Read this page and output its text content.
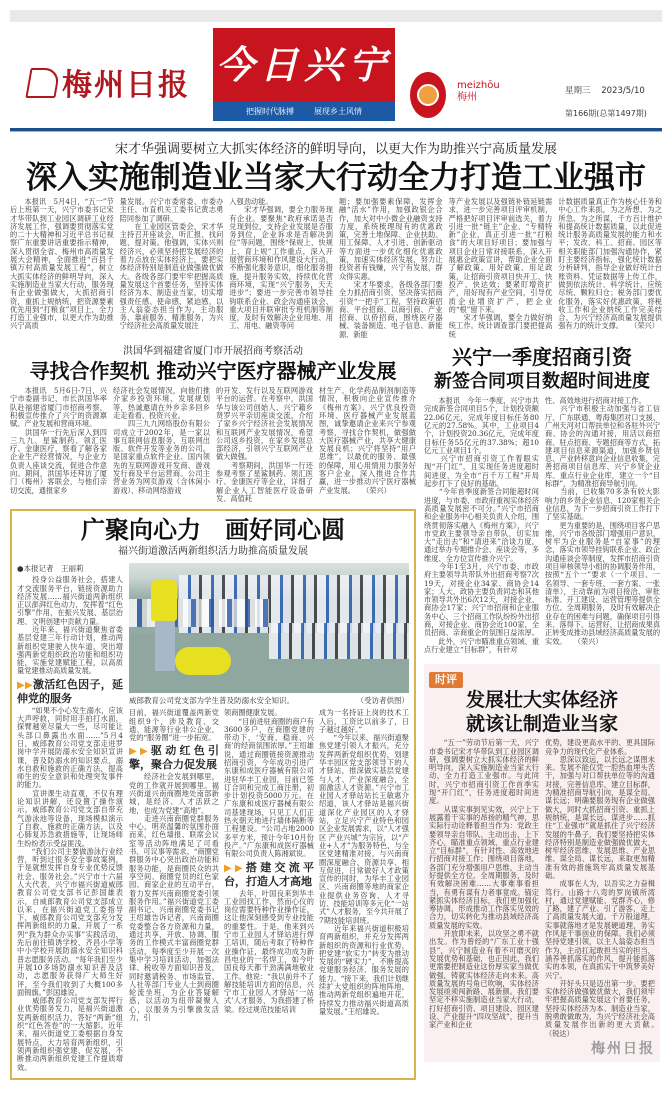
梅州日报 今日兴宁
把握时代脉搏	展现乡土风情
meizhōu
梅州
星期三 2023/5/10
第166期(总第1497期)
宋才华强调要树立大抓实体经济的鲜明导向，以更大作为助推兴宁高质量发展
深入实施制造业当家大行动全力打造工业强市
　　本报讯　5月4日，“五一”节后上班第一天，兴宁市委书记宋才华带队到工业园区调研工业经济发展工作，强调要贯彻落实党的二十大精神和习近平总书记视察广东重要讲话重要指示精神，深入贯彻全省、梅州市高质量发展大会精神，全面推进“百县千镇万村高质量发展工程”，树立大抓实体经济的鲜明导向，深入实施制造业当家大行动，服务现有企业做强做大，大抓招商引资，重抓上规纳统，把资源要素优先用到“打粮食”项目上，全力打造工业强市，以更大作为助推兴宁高质
量发展。兴宁市委常委、市委办主任、市直机关工委书记黄志勇陪同参加了调研。
　　在工业园区管委会，宋才华主持召开座谈会，听汇报、找问题、提对策。他强调，实体兴则经济兴，必须坚持把发展经济的着力点放在实体经济上，要把实体经济特别是制造业做强做优做大。各级各部门要牢牢把握高质量发展这个首要任务，坚持实体经济为本、制造业当家，切实增强责任感、使命感、紧迫感，以主人翁姿态担当作为，主动服务、靠前服务、精准服务，为兴宁经济社会高质量发展注
入强劲动能。
　　宋才华强调，要全力服务现有企业。要聚焦“政府承诺是否兑现到位，支持企业发展是否服务到位，企业诉求是否解决到位”等问题，围绕“保规上、快规上、育上规”工作重点，深入开展营商环境和作风建设大行动，不断强化服务意识，细化服务措施，提升服务实效，持续优化营商环境，实现“兴宁服务，天天进步”；要进一步完善市领导挂钩联系企业、政企沟通座谈会、重大项目并联审批专班机制等制度，及时有效解决企业用地、用工、用电、融资等问
题；要加强要素保障，发挥金融“活水”作用，加强政银企合作，加大对中小微企业融资支持力度，系统梳理现有的优惠政策，完善土地保障、企业扶助、用工保障、人才引进、创新驱动等方面进一步优化细化优惠政策，加速实体经济发展，努力让投资者有钱赚，兴宁有发展，群众得实惠。
　　宋才华要求，各级各部门要全力抓招商引资，坚决落实招商引资“一把手”工程，坚持政策招商、平台招商、以商引商、产业招商、以侨招商，围绕医疗器械、装备制造、电子信息、新能源、新能
等产业发展以及强链补链延链需求，进一步完善项目评审机制，严格把好项目评审前选关，着力引进一批“链主”企业、“专精特新”企业，真正引进一批“打粮食”的大项目好项目；要加强与项目企业日常对接联系，深入开展惠企政策宣讲，帮助企业全面了解政策、用好政策、用足政策，让招商引资项目快开工、快投产、快达效；要紧盯增资扩产，用好现有产业空间，引导优质企业增资扩产，把企业的“根”留下来。
　　宋才华强调，要全力做好纳统工作。统计调查部门要把提高统
计数据质量真正作为核心任务和中心工作来抓，为之所想、为之所急、为之所谋，千方百计维护和提高统计数据质量，以此促进统计服务高质量发展的能力和水平；发改、科工、招商、园区等相关职能部门加强沟通协作，紧盯主要经济指标，强化统计数据分析研判，指导企业做好统计台账资料、凭证数据等上传工作，做到依法统计、科学统计、应统尽统、颗粒归仓；税务部门要优化服务，落实好优惠政策，将税收工作和企业纳统工作完美结合，为兴宁经济高质量发展提供强有力的统计支撑。　　（荣兴）
洪国华到福建省厦门市开展招商考察活动
寻找合作契机 推动兴宁医疗器械产业发展
　　本报讯　5月6日-7日，兴宁市委副书记、市长洪国华率队赴福建省厦门市招商考察，积极宣传推介了兴宁的资源禀赋、产业发展和营商环境。
　　洪国华一行先后深入到四三九九、星鲨制药、领汇医疗、金康医疗，察看了解各家企业生产经营情况，与企业方负责人座谈交流，促进合作意向。期间，洪国华还拜访了厦门（梅州）客联会，与他们亲切交流，通报家乡
经济社会发展情况，向他们推介家乡投资环境、发展规划等，热诚邀请在外乡亲多回乡走走看看、投资兴业。
　　四三九九网络股份有限公司成立于2002年，是一家以事互联网信息服务、互联网出版、软件开发等业务的公司，是国家重点软件企业、国内领先的互联网游戏开发商、游戏发行商及平台运营商。公司主营业务为网页游戏（含休闲小游戏）、移动网络游戏
的开发、发行以及互联网游戏平台的运营。在考察中，洪国华与该公司创始人、兴宁籍乡贤罗兴平亲切座谈交流，介绍了家乡兴宁经济社会发展情况和互联网产业发展情况，希望公司返乡投资，在家乡发展总部经济，引领兴宁互联网产业做大做强。
　　考察期间，洪国华一行还参观考察了星鲨制药、领汇医疗、金康医疗等企业，详细了解企业人工智能医疗设备研发、高值耗
材生产、化学药品制剂制造等情况，积极向企业宣传推介《梅州方案》、兴宁优良投资环境、医疗器械产业发展蓝图，诚挚邀请企业来兴宁参观考察，寻找合作契机，做强做大医疗器械产业，共享大健康发展良机；兴宁将坚持“用户思维”，以最优的服务、最强的保障，用心用情用力服务好客户企业，深入推进合作共赢，进一步推动兴宁医疗器械产业发展。　　（荣兴）
广聚向心力　画好同心圆
福兴街道激活两新组织活力助推高质量发展
●本报记者　王丽莉
　　投身公益服务社会，搭建人才交流服务平台，链接资源助力经济发展……福兴街道两新组织正以澎湃红色动力，发挥着“红色引擎”作用，在振兴发展、基层治理、文明创建中贡献力量。
　　近年来，福兴街道聚焦省委基层党建三年行动计划，推动两新组织党建驶入快车道，突出增强两新党组织政治功能和组织功能，实施党建赋能工程，以高质量党建推动高质量发展。
▶▶激活红色因子，延伸党的服务
　　“如果不小心发生溺水，应该大声呼救，同时用手拍打水面，探臂越宽尽量大一些，尽可能让头部口鼻露出水面……”5月4日，威郎教育公司党支部走进罗岗中学开展防溺水安全知识宣讲课，普及防溺水的知识要点、溺水自救和施救的正确方法，提高师生的安全意识和处理突发事件的能力。
　　宣讲课生动直观，不仅有理论知识讲解，还设置了操作演示。威郎教育公司党支部自带充气游泳池等设备，现场模拟演示了自救、施救的正确方法，以及心肺复苏急救措施等，让现场师生纷纷表示受益匪浅。
　　“我们公司主要做游泳行业经营，听到过很多安全事故案例，于是就想发挥自身专业优势反馈社会、服务社会。”兴宁市十六届人大代表、兴宁市福兴街道威郎教育公司党支部书记彭国雄表示，自威郎教育公司党支部成立以来，在福兴街道党工委指导下，威郎教育公司党支部充分发挥两新组织的力量，开展了一系列“我为群众办实事”实践活动，先后前往镇诱学校、齐昌小学等中小学校开展防溺水安全知识科普志愿服务活动。“每年我们至少开展10多场防溺水知识普及活动，志愿服务获得广大师生好评，至今我们收到了大概100多面锦旗。”彭国雄说。
　　威郎教育公司党支部发挥行业优势服务发力，是福兴街道激发两新组织活力，答好“两新”组织“红色答卷”的一大缩影。近年来，福兴街道党工委根据自身发展特点，大力培育两新组织，引领两新组织强党建、促发展，不断推动两新组织党建工作提质增效。
威郎教育公司党支部为学生普及防溺水安全知识。	（受访者供图）
目前，福兴街道覆盖两新党组织9个，涉及教育、交通、能源等行业非公企业，党的“服务圈”进一步拓宽。
▶▶驱动红色引擎，聚合力促发展
　　经济社会发展到哪里，党的工作就开展到哪里。福兴街道兴南商圈地处南部新城，是经济、人才活跃之地，也成为党建“高地”。
　　走进兴南商圈党群服务中心，明亮温馨的氛围扑面而来，红色墙报、联席会议室等活动阵地满足了可看书、可议事等需求。“商圈党群服务中心突出政治功能和服务功能，是商圈民众的共享空间、商圈党员的红色家园、商家企业的互动平台，着力发挥兴南商圈党委引领服务作用。”福兴街道党工委副书记、兴南商圈党委书记王绍雄告诉记者，兴南商圈党委整合各方资源和力量，通过共享、开放、协调、服务的工作模式丰富商圈党群活动，每季度至少开展一次集中学习培训活动，加强法律、税收等方面知识普及，同时邀请税务、市场监管、人社等部门专业人士到商圈轮流坐班，为企业答疑解惑，以活动为纽带凝聚人心，以服务为引擎激发活力，引
领商圈健康发展。
　　“目前进驻商圈的商户有3600多户，在商圈党建的带动下，‘安商、稳商、兴商’的经商氛围浓厚。”王绍雄说，通过商圈链接资源推动招商引资，今年成功引进广东康和成医疗器械有限公司进驻华丰工业园，目前已签订合同和完成工商注册，初步计划投资5000万元。在广东康和成医疗器械有限公司基建现场，只见工人们正热火朝天地进行墙体隔断等工程建设。“公司占地2000多平方米，预计今年10月份投产。”广东康和成医疗器械有限公司负责人陈湘斌说。
▶▶搭建交流平台，打造人才高地
　　去年，叶国良来到华丰工业园找工作，然而心仪的岗位需要特种作业操作证，这让他深刻感受到专业技能的重要性。于是，他来到兴宁市工业园人才驿站进行焊工培训，随后考取了特种作业操作证，最终成功成为新昌电业的一名焊工，如今叶国良每天都干劲满满地敬业工作。他说：“我以前并不了解技能培训方面的信息，兴宁市工业园人才驿站‘一站式’人才服务，为我搭建了桥梁。经过规范技能培训
成为一名持证上岗的技术工人后，工资比以前多了，日子越过越好。”
　　“今年以来，福兴街道聚焦党建引领人才振兴，充分发挥两新党组织优势，划建华丰园区党支部领导下的人才驿站，推深做实基层党建与人才、产业深度融合，全面激活人才资源。”兴宁市工业园人才驿站站长王敏惠介绍道，该人才驿站是福兴街道深化产业园区的人才驿站，立足兴宁产业特色和园区企业发展需求，以“人才强区 产业兴城”为宗旨，以“产业+人才”为服务特色，与全区党建精准对接，与兴南商圈深度融合、资源共享、相互促进，日常做好人才政策宣传的同时，为华丰工业园区、兴南商圈等地的商家企业提供业务咨询、人才寻访、技能培训等多元化“一站式”人才服务，至今共开展了7期技能培训班。
　　近年来福兴街道积极培育两新组织，并充分发挥两新组织的资源和行业优势，把党建“软实力”转变为推动发展的“硬实力”，不断提高党建服务经济、服务发展的能力。“接下来，我们计划继续扩大党组织的阵地阵地，推动两新党组织遍地开花，持续发力推动福兴街道高质量发展。”王绍雄说。
兴宁一季度招商引资
新签合同项目数超时间进度
　　本报讯　今年一季度，兴宁市共完成新签合同项目5个，计划投资额22.06亿元，完成年度目标任务80亿元的27.58%。其中，工业项目4个，计划投资20.36亿元，完成年度目标任务55亿元的37.38%；超10亿元工业项目1个。
　　兴宁市招商引资工作着眼实现“开门红”，且实现任务进度超时间进度，为全市“百千万工程”开局起步打下了良好的基础。
　　“今年首季度新签合同能超时间进度，与市委、市政府重视实体经济高质量发展密不可分。”兴宁市招商和企业服务中心相关负责人介绍，围绕贯彻落实融入《梅州方案》，兴宁市党政主要领导亲自带队，切实加大“走出去”和“请进来”洽谈力度，通过举办专题推介会、座谈会等，多维度、全方位宣传推介兴宁。
　　今年1至3月，兴宁市委、市政府主要领导共带队外出招商考察7次19天，对接企业34家、商协会14家；人大、政协主要负责同志和其他市领导共外出6次12天，对接企业、商协会17家；兴宁市招商和企业服务中心、三个招商工作队纷纷外出招商，对接企业、商协会近100家，全员招商、亲商重企的氛围日益浓厚。
　　此外，兴宁市瞄准重点领域、重点行业建立“目标群”，有针对
性、高效地进行招商对接工作。
　　兴宁市积极主动加强与省工信厅、广东联通、粤海集团对口支援、广州天河对口帮扶单位和各驻外兴宁商、协会的沟通对接，用活以商招商、驻点招商、专题招商等方式，拓建项目信息来源渠道，加强乡贤信息、产业转移意向企业信息收集，完善招商项目信息库、兴宁乡贤企业库、重点行业企业库，建立一个“目标群”，为精准招商导航引向。
　　当前，已收集70多条有较大影响力的乡贤企业信息、120家相关企业信息，为下一步招商引资工作打下了坚实基础。
　　更为重要的是，围绕项目客户思维，兴宁市各级部门增强用户意识，树牢为企业服务是“自家事”的理念，落实市领导挂钩联系企业、政企沟通座谈会等制度，发挥市招商引资项目审核领导小组的协调服务作用，按照“五个一”要求（一个项目、一名领导、一套专班、一套方案、一张清单），主动靠前为项目接洽、审批标准、开工建设、运营管理等提供全方位、全周期服务，及时有效解决企业存在的困难与问题，确保项目引得来、落得下、运营好，让招商成果真正转变成推动县域经济高质量发展的实效。　　（荣兴）
时评
发展壮大实体经济
就该让制造业当家
　　“五一”劳动节后第一天，兴宁市委书记宋才华带队到工业园区调研，强调要树立大抓实体经济的鲜明导向，深入实施制造业当家大行动，全力打造工业强市。与此同时，兴宁市招商引资工作首季实现“开门红”，任务进度超时间进度。
　　从谋实事到见实效，兴宁上下展露着干实事的昂扬的精气神，思实际行动诠释着担当作为：党政主要领导亲自带队、主动出击，上下齐心，瞄准重点领域、重点行业建立“目标群”，有针对性、高效地进行招商对接工作；围绕项目落地，各部门充分增强用户思维，主动当好提供全方位、全周期服务，及时有效解决困难……大事难事看担当，有勇有谋有力者事竟成。锚定紧抓实体经济目标，我们更加强化筹协调，形成推动工作落实见效的合力，切实转化为推动县域经济高质量发展的实效。
　　开放即未来，以攻坚之勇不就出发。作为曾经的“广东工业十强县”，兴宁制造业有着不可磨灭的发展优势和基础，也正因此，我们更需要把制造业这份厚实家当做优做强，铸就实体经济走向未来。高质量发展的号角已吹响，实体经济发展亟须闯新路、展新颜。我们要坚定不移实施制造业当家大行动，打好招商引资、项目建设、园区建设、产业提升“四攻坚战”，提升当家产业和企业
优势，建设更高水平的、更具国际竞争力的现代化产业体系。
　　思深以致远，以长远之谋图未来。发展不能仅凭一腔热血埋头苦干，加强与对口帮扶单位等的沟通对接，完善信息库，建立目标群，为精准招商导航引向，是谋全局、谋长远；明确要服务现有企业做强做大，同时大抓招商引资、重抓上规纳统，是谋长远、谋进步……抓住“工业强市”就是抓住了兴宁经济发展的牛鼻子，我们要坚持把实体经济特别是制造业做强做优做大，树牢经济思维、发展思维、产业思维、谋全局、谋长远，来取更加精准有效的措施筑牢高质量发展基础。
　　成事在人为，以吾实之力奋楫笃行。山路十八弯的罗岗镇所湾村，通过党建赋能、党群齐心，修了路，建了产业、引了游客，走上了高质量发展大道。千万般道理，实事就落地才是发展硬道理，务实作风是干事创业的保障。我们必须坚持党建引领，以主人翁姿态担当作为，主动扛起敢担当实的担当，涵养善抓落实的作风，提升能抓落实的本领，在真抓实干中筑梦美好兴宁。
　　开好头只是迈出第一步。要把实体经济做强做优做大，我们须牢牢把握高质量发展这个首要任务，坚持实体经济为本、制造业当家，脱勇敢做敢为，为兴宁经济社会高质量发展作出新的更大贡献。　　（锐达）
梅州日报
